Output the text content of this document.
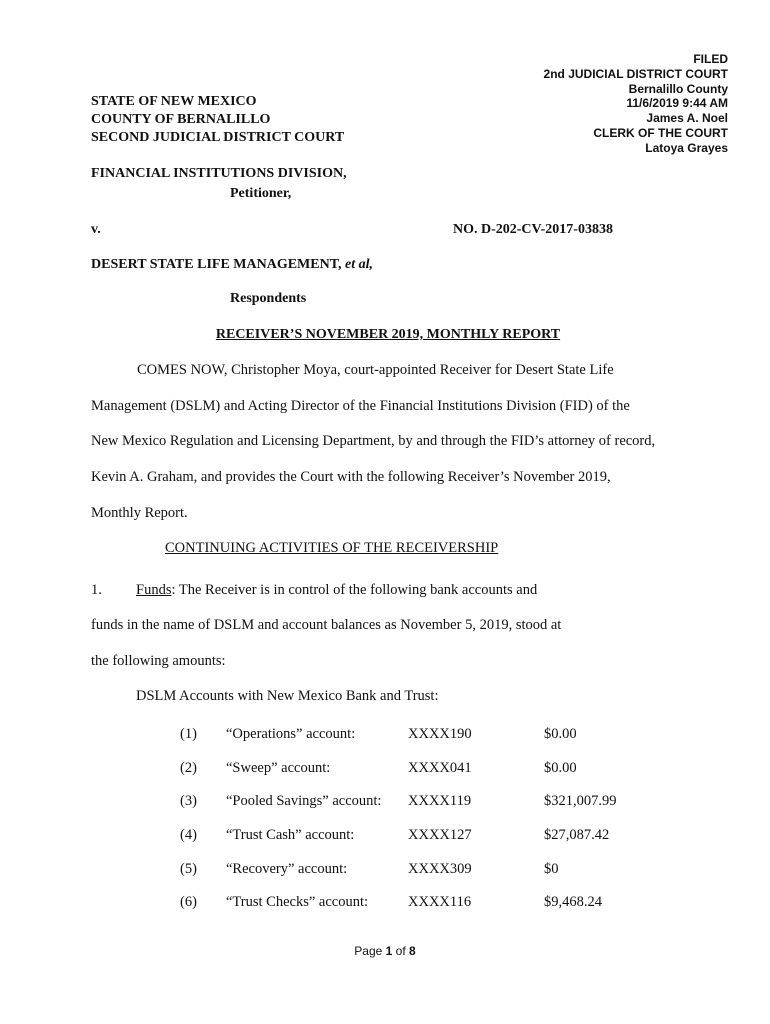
FILED
2nd JUDICIAL DISTRICT COURT
Bernalillo County
11/6/2019 9:44 AM
James A. Noel
CLERK OF THE COURT
Latoya Grayes
STATE OF NEW MEXICO
COUNTY OF BERNALILLO
SECOND JUDICIAL DISTRICT COURT
FINANCIAL INSTITUTIONS DIVISION,
Petitioner,
v.	NO. D-202-CV-2017-03838
DESERT STATE LIFE MANAGEMENT, et al,
Respondents
RECEIVER’S NOVEMBER 2019, MONTHLY REPORT
COMES NOW, Christopher Moya, court-appointed Receiver for Desert State Life
Management (DSLM) and Acting Director of the Financial Institutions Division (FID) of the
New Mexico Regulation and Licensing Department, by and through the FID’s attorney of record,
Kevin A. Graham, and provides the Court with the following Receiver’s November 2019,
Monthly Report.
CONTINUING ACTIVITIES OF THE RECEIVERSHIP
1. Funds: The Receiver is in control of the following bank accounts and
funds in the name of DSLM and account balances as November 5, 2019, stood at
the following amounts:
DSLM Accounts with New Mexico Bank and Trust:
(1)	“Operations” account:	XXXX190	$0.00
(2)	“Sweep” account:	XXXX041	$0.00
(3)	“Pooled Savings” account:	XXXX119	$321,007.99
(4)	“Trust Cash” account:	XXXX127	$27,087.42
(5)	“Recovery” account:	XXXX309	$0
(6)	“Trust Checks” account:	XXXX116	$9,468.24
Page 1 of 8
